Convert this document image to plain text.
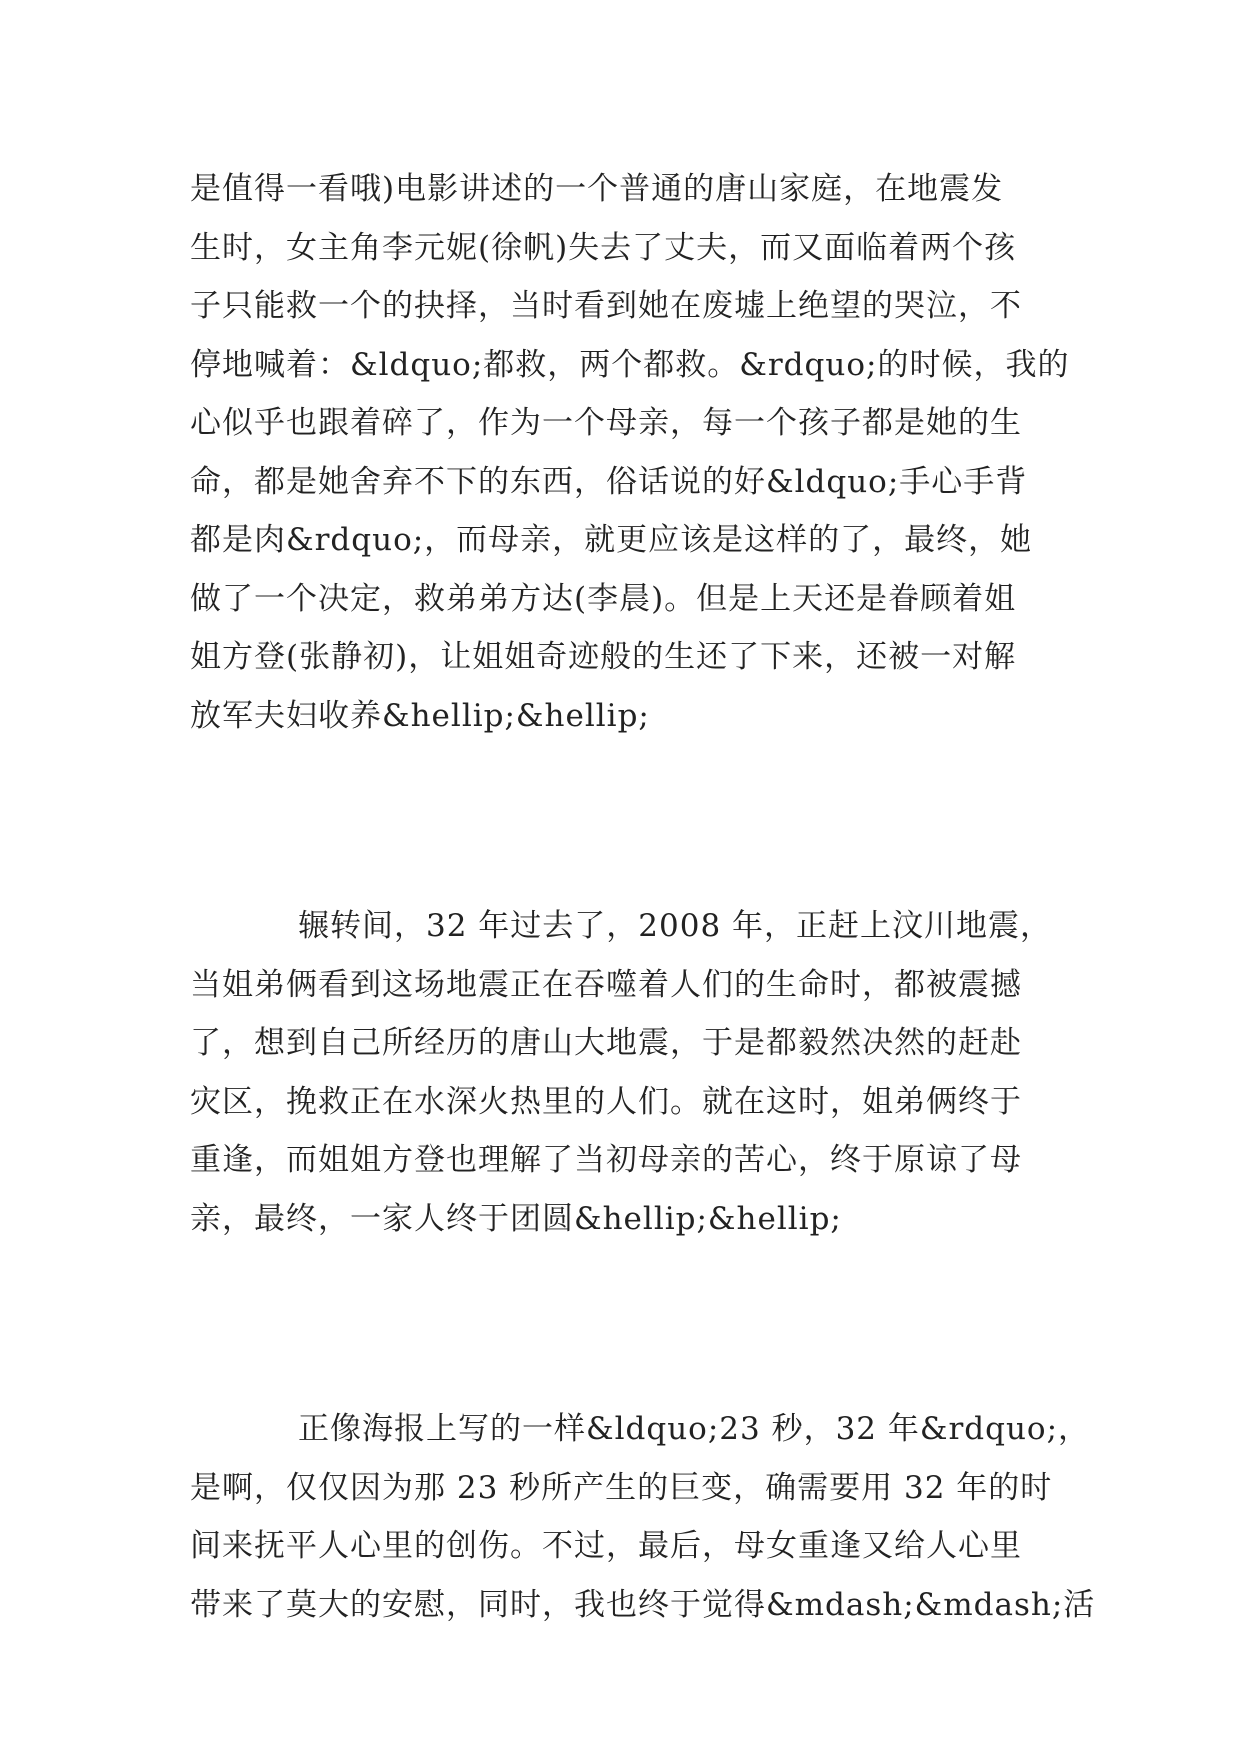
是值得一看哦)电影讲述的一个普通的唐山家庭，在地震发
生时，女主角李元妮(徐帆)失去了丈夫，而又面临着两个孩
子只能救一个的抉择，当时看到她在废墟上绝望的哭泣，不
停地喊着：&ldquo;都救，两个都救。&rdquo;的时候，我的
心似乎也跟着碎了，作为一个母亲，每一个孩子都是她的生
命，都是她舍弃不下的东西，俗话说的好&ldquo;手心手背
都是肉&rdquo;，而母亲，就更应该是这样的了，最终，她
做了一个决定，救弟弟方达(李晨)。但是上天还是眷顾着姐
姐方登(张静初)，让姐姐奇迹般的生还了下来，还被一对解
放军夫妇收养&hellip;&hellip;
辗转间，32 年过去了，2008 年，正赶上汶川地震，
当姐弟俩看到这场地震正在吞噬着人们的生命时，都被震撼
了，想到自己所经历的唐山大地震，于是都毅然决然的赶赴
灾区，挽救正在水深火热里的人们。就在这时，姐弟俩终于
重逢，而姐姐方登也理解了当初母亲的苦心，终于原谅了母
亲，最终，一家人终于团圆&hellip;&hellip;
正像海报上写的一样&ldquo;23 秒，32 年&rdquo;，
是啊，仅仅因为那 23 秒所产生的巨变，确需要用 32 年的时
间来抚平人心里的创伤。不过，最后，母女重逢又给人心里
带来了莫大的安慰，同时，我也终于觉得&mdash;&mdash;活
